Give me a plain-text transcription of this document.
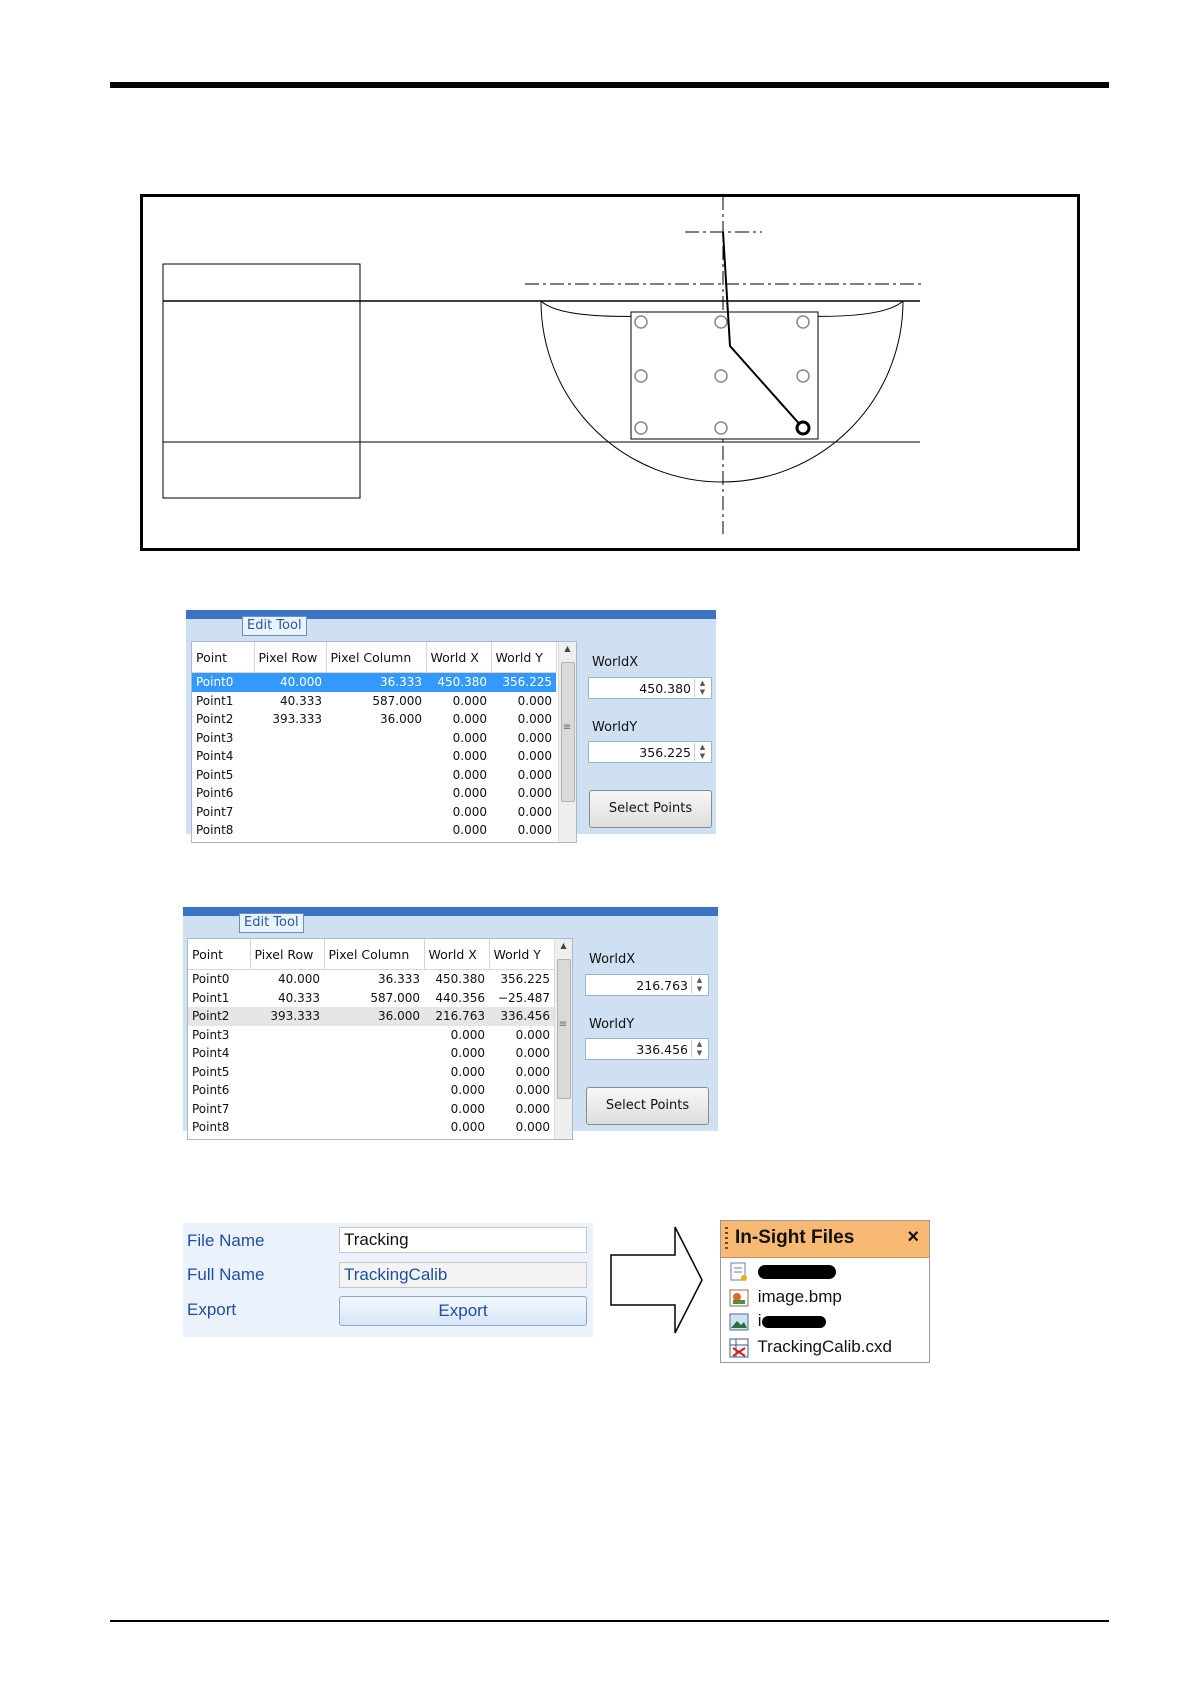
Edit Tool
Point	Pixel Row	Pixel Column	World X	World Y
Point0	40.000	36.333	450.380	356.225
Point1	40.333	587.000	0.000	0.000
Point2	393.333	36.000	0.000	0.000
Point3			0.000	0.000
Point4			0.000	0.000
Point5			0.000	0.000
Point6			0.000	0.000
Point7			0.000	0.000
Point8			0.000	0.000
▲
≡
WorldX
450.380	▲
▼
WorldY
356.225	▲
▼
Select Points
Edit Tool
Point	Pixel Row	Pixel Column	World X	World Y
Point0	40.000	36.333	450.380	356.225
Point1	40.333	587.000	440.356	−25.487
Point2	393.333	36.000	216.763	336.456
Point3			0.000	0.000
Point4			0.000	0.000
Point5			0.000	0.000
Point6			0.000	0.000
Point7			0.000	0.000
Point8			0.000	0.000
▲
≡
WorldX
216.763	▲
▼
WorldY
336.456	▲
▼
Select Points
File Name	Tracking
Full Name	TrackingCalib
Export	Export
In-Sight Files	×

image.bmp
i
TrackingCalib.cxd
